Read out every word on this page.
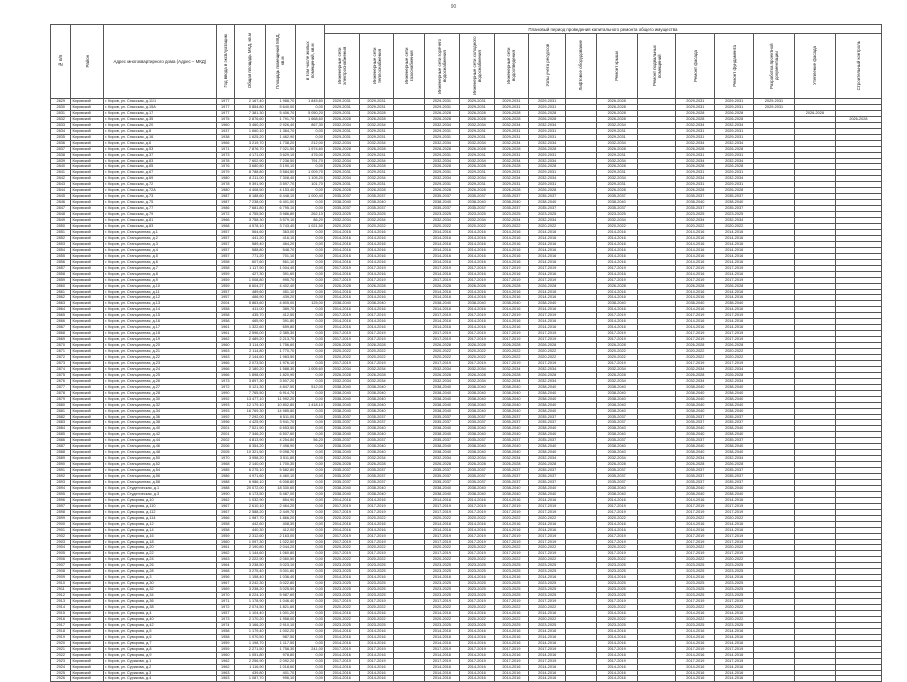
90
№ п/п	Район	Адрес многоквартирного дома (Адрес – МКД)	Год ввода в эксплуатацию	Общая площадь МКД, кв.м	Площадь помещений МКД, кв.м	в том числе жилых помещений, кв.м	Плановый период проведения капитального ремонта общего имущества														
							Инженерные сети электроснабжения	Инженерные сети теплоснабжения	Инженерные сети газоснабжения	Инженерные сети горячего водоснабжения	Инженерные сети холодного водоснабжения	Инженерные сети водоотведения	Узлы учета ресурсов	Лифтовое оборудование	Ремонт крыши	Ремонт подвальных помещений	Ремонт фасада	Ремонт фундамента	Разработка проектной документации	Утепление фасада	Строительный контроль
2829	Кировский	г. Киров, ул. Спасская, д.11/1	1977	2 167,40	1 988,70	1 845,60	2029-2031	2029-2031		2029-2031	2029-2031	2029-2031	2029-2031		2026-2028		2029-2031	2029-2031	2029-2031		
2830	Кировский	г. Киров, ул. Спасская, д.15А	1977	5 854,80	5 640,00	0,00	2029-2031	2029-2031		2029-2031	2029-2031	2029-2031	2029-2031		2026-2028		2029-2031	2029-2031	2029-2031		
2831	Кировский	г. Киров, ул. Спасская, д.17	1977	7 381,30	5 406,70	5 050,20	2029-2031	2026-2028		2026-2028	2026-2028	2026-2028	2026-2028		2026-2028		2026-2028	2026-2028		2026-2028	
2832	Кировский	г. Киров, ул. Спасская, д.35	1975	2 876,60	1 791,70	1 668,60	2026-2028	2026-2028		2026-2028	2026-2028	2026-2028	2026-2028		2026-2028		2026-2028	2026-2028			2026-2028
2833	Кировский	г. Киров, ул. Спасская, д.20	1960	3 460,20	2 926,40	867,30	2032-2034	2032-2034		2032-2034	2032-2034	2032-2034	2032-2034		2032-2034		2032-2034	2032-2034			
2834	Кировский	г. Киров, ул. Спасская, д.8	1937	1 660,10	1 384,70	0,00	2029-2031	2029-2031		2029-2031	2029-2031	2029-2031	2029-2031		2029-2031		2029-2031	2029-2031			
2835	Кировский	г. Киров, ул. Спасская, д.16	1938	1 625,20	1 462,90	0,00	2029-2031	2029-2031		2029-2031	2029-2031	2029-2031	2029-2031		2029-2031		2029-2031	2029-2031			
2836	Кировский	г. Киров, ул. Спасская, д.6	1966	3 219,70	1 738,20	212,00	2032-2034	2032-2034		2032-2034	2032-2034	2032-2034	2032-2034		2032-2034		2032-2034	2032-2034			
2837	Кировский	г. Киров, ул. Спасская, д.53	1971	7 876,70	7 021,50	1 974,60	2026-2028	2026-2028		2026-2028	2026-2028	2026-2028	2026-2028		2026-2028		2026-2028	2026-2028			
2838	Кировский	г. Киров, ул. Спасская, д.37	1973	4 171,00	3 629,10	476,00	2029-2031	2029-2031		2029-2031	2029-2031	2029-2031	2029-2031		2029-2031		2029-2031	2029-2031			
2839	Кировский	г. Киров, ул. Спасская, д.63	1978	7 602,90	7 238,50	791,70	2032-2034	2032-2034		2032-2034	2032-2034	2032-2034	2032-2034		2032-2034		2032-2034	2032-2034			
2840	Кировский	г. Киров, ул. Спасская, д.65	1976	3 680,50	3 190,10	0,00	2026-2028	2026-2028		2026-2028	2026-2028	2026-2028	2026-2028		2026-2028		2026-2028	2026-2028			
2841	Кировский	г. Киров, ул. Спасская, д.67	1979	8 788,80	3 584,50	1 009,70	2029-2031	2029-2031		2029-2031	2029-2031	2029-2031	2029-2031		2029-2031		2029-2031	2029-2031			
2842	Кировский	г. Киров, ул. Спасская, д.69	1980	8 211,00	7 308,40	1 105,20	2032-2034	2032-2034		2032-2034	2032-2034	2032-2034	2032-2034		2032-2034		2032-2034	2032-2034			
2843	Кировский	г. Киров, ул. Спасская, д.72	1978	9 391,90	3 597,70	101,70	2029-2031	2029-2031		2029-2031	2029-2031	2029-2031	2029-2031		2029-2031		2029-2031	2029-2031			
2844	Кировский	г. Киров, ул. Спасская, д.72А	1980	4 408,50	4 153,40	0,00	2026-2028	2026-2028		2026-2028	2026-2028	2026-2028	2026-2028		2026-2028		2026-2028	2026-2028			
2845	Кировский	г. Киров, ул. Спасская, д.73	1987	8 188,60	6 448,10	1 000,40	2035-2037	2035-2037		2035-2037	2035-2037	2035-2037	2035-2037		2035-2037		2035-2037	2035-2037			
2846	Кировский	г. Киров, ул. Спасская, д.75	1987	7 238,00	6 401,00	0,00	2038-2040	2038-2040		2038-2040	2038-2040	2038-2040	2038-2040		2038-2040		2038-2040	2038-2040			
2847	Кировский	г. Киров, ул. Спасская, д.77	1986	7 681,80	6 795,10	0,00	2035-2037	2035-2037		2035-2037	2035-2037	2035-2037	2035-2037		2035-2037		2035-2037	2035-2037			
2848	Кировский	г. Киров, ул. Спасская, д.79	1972	4 755,50	3 986,80	262,10	2023-2025	2023-2025		2023-2025	2023-2025	2023-2025	2023-2025		2023-2025		2023-2025	2023-2025			
2849	Кировский	г. Киров, ул. Спасская, д.81	1966	3 758,30	3 579,10	86,20	2032-2034	2032-2034		2032-2034	2032-2034	2032-2034	2032-2034		2032-2034		2032-2034	2032-2034			
2850	Кировский	г. Киров, ул. Спасская, д.83	1968	4 578,10	3 743,40	1 021,50	2020-2022	2020-2022		2020-2022	2020-2022	2020-2022	2020-2022		2020-2022		2020-2022	2020-2022			
2851	Кировский	г. Киров, ул. Станционная, д.1	1957	564,60	363,00	0,00	2014-2016	2014-2016		2014-2016	2014-2016	2014-2016	2014-2016		2014-2016		2014-2016	2014-2016			
2852	Кировский	г. Киров, ул. Станционная, д.2	1957	441,20	416,10	0,00	2014-2016	2014-2016		2014-2016	2014-2016	2014-2016	2014-2016		2014-2016		2014-2016	2014-2016			
2853	Кировский	г. Киров, ул. Станционная, д.3	1957	589,40	464,20	0,00	2014-2016	2014-2016		2014-2016	2014-2016	2014-2016	2014-2016		2014-2016		2014-2016	2014-2016			
2854	Кировский	г. Киров, ул. Станционная, д.4	1957	588,80	548,70	0,00	2014-2016	2014-2016		2014-2016	2014-2016	2014-2016	2014-2016		2014-2016		2014-2016	2014-2016			
2855	Кировский	г. Киров, ул. Станционная, д.5	1957	771,20	701,10	0,00	2014-2016	2014-2016		2014-2016	2014-2016	2014-2016	2014-2016		2014-2016		2014-2016	2014-2016			
2856	Кировский	г. Киров, ул. Станционная, д.6	1958	607,60	561,10	0,00	2014-2016	2014-2016		2014-2016	2014-2016	2014-2016	2014-2016		2014-2016		2014-2016	2014-2016			
2857	Кировский	г. Киров, ул. Станционная, д.7	1958	1 117,90	1 004,40	0,00	2017-2019	2017-2019		2017-2019	2017-2019	2017-2019	2017-2019		2017-2019		2017-2019	2017-2019			
2858	Кировский	г. Киров, ул. Станционная, д.8	1959	427,30	391,60	0,00	2014-2016	2014-2016		2014-2016	2014-2016	2014-2016	2014-2016		2014-2016		2014-2016	2014-2016			
2859	Кировский	г. Киров, ул. Станционная, д.9	1959	1 008,80	995,70	0,00	2017-2019	2017-2019		2017-2019	2017-2019	2017-2019	2017-2019		2017-2019		2017-2019	2017-2019			
2860	Кировский	г. Киров, ул. Станционная, д.10	1959	6 604,27	4 402,40	0,00	2026-2028	2026-2028		2026-2028	2026-2028	2026-2028	2026-2028		2026-2028		2026-2028	2026-2028			
2861	Кировский	г. Киров, ул. Станционная, д.11	1957	489,60	451,10	0,00	2014-2016	2014-2016		2014-2016	2014-2016	2014-2016	2014-2016		2014-2016		2014-2016	2014-2016			
2862	Кировский	г. Киров, ул. Станционная, д.12	1957	466,90	439,20	0,00	2014-2016	2014-2016		2014-2016	2014-2016	2014-2016	2014-2016		2014-2016		2014-2016	2014-2016			
2863	Кировский	г. Киров, ул. Станционная, д.13	2004	5 863,60	4 805,00	125,00	2038-2040	2038-2040		2038-2040	2038-2040	2038-2040	2038-2040		2038-2040		2038-2040	2038-2040			
2864	Кировский	г. Киров, ул. Станционная, д.14	1958	411,00	389,70	0,00	2014-2016	2014-2016		2014-2016	2014-2016	2014-2016	2014-2016		2014-2016		2014-2016	2014-2016			
2865	Кировский	г. Киров, ул. Станционная, д.15	1958	435,70	412,50	0,00	2017-2019	2017-2019		2017-2019	2017-2019	2017-2019	2017-2019		2017-2019		2017-2019	2017-2019			
2866	Кировский	г. Киров, ул. Станционная, д.16	1958	465,90	391,80	0,00	2014-2016	2014-2016		2014-2016	2014-2016	2014-2016	2014-2016		2014-2016		2014-2016	2014-2016			
2867	Кировский	г. Киров, ул. Станционная, д.17	1961	1 322,60	659,80	0,00	2014-2016	2014-2016		2014-2016	2014-2016	2014-2016	2014-2016		2014-2016		2014-2016	2014-2016			
2868	Кировский	г. Киров, ул. Станционная, д.18	1961	2 596,00	2 385,30	0,00	2017-2019	2017-2019		2017-2019	2017-2019	2017-2019	2017-2019		2017-2019		2017-2019	2017-2019			
2869	Кировский	г. Киров, ул. Станционная, д.19	1962	2 489,20	2 213,70	0,00	2017-2019	2017-2019		2017-2019	2017-2019	2017-2019	2017-2019		2017-2019		2017-2019	2017-2019			
2870	Кировский	г. Киров, ул. Станционная, д.20	1960	3 114,00	1 756,60	0,00	2026-2028	2026-2028		2026-2028	2026-2028	2026-2028	2026-2028		2026-2028		2026-2028	2026-2028			
2871	Кировский	г. Киров, ул. Станционная, д.21	1963	2 114,80	1 770,70	0,00	2020-2022	2020-2022		2020-2022	2020-2022	2020-2022	2020-2022		2020-2022		2020-2022	2020-2022			
2872	Кировский	г. Киров, ул. Станционная, д.22	1963	2 144,60	1 983,50	0,00	2020-2022	2020-2022		2020-2022	2020-2022	2020-2022	2020-2022		2020-2022		2020-2022	2020-2022			
2873	Кировский	г. Киров, ул. Станционная, д.23	1966	2 073,50	1 976,10	0,00	2017-2019	2017-2019		2017-2019	2017-2019	2017-2019	2017-2019		2017-2019		2017-2019	2017-2019			
2874	Кировский	г. Киров, ул. Станционная, д.24	1966	2 180,20	1 588,30	1 005,60	2032-2034	2032-2034		2032-2034	2032-2034	2032-2034	2032-2034		2032-2034		2032-2034	2032-2034			
2875	Кировский	г. Киров, ул. Станционная, д.25	1966	1 898,00	1 820,90	0,00	2026-2028	2026-2028		2026-2028	2026-2028	2026-2028	2026-2028		2026-2028		2026-2028	2026-2028			
2876	Кировский	г. Киров, ул. Станционная, д.26	1973	3 897,30	3 507,20	0,00	2032-2034	2032-2034		2032-2034	2032-2034	2032-2034	2032-2034		2032-2034		2032-2034	2032-2034			
2877	Кировский	г. Киров, ул. Станционная, д.27	1972	5 121,30	4 847,50	512,00	2038-2040	2038-2040		2038-2040	2038-2040	2038-2040	2038-2040		2038-2040		2038-2040	2038-2040			
2878	Кировский	г. Киров, ул. Станционная, д.28	1990	7 765,50	6 914,70	0,00	2038-2040	2038-2040		2038-2040	2038-2040	2038-2040	2038-2040		2038-2040		2038-2040	2038-2040			
2879	Кировский	г. Киров, ул. Станционная, д.30	1992	13 477,10	11 992,20	0,00	2038-2040	2038-2040		2038-2040	2038-2040	2038-2040	2038-2040		2038-2040		2038-2040	2038-2040			
2880	Кировский	г. Киров, ул. Станционная, д.32	1993	12 179,10	10 802,80	1 418,10	2038-2040	2038-2040		2038-2040	2038-2040	2038-2040	2038-2040		2038-2040		2038-2040	2038-2040			
2881	Кировский	г. Киров, ул. Станционная, д.34	1993	16 769,30	14 985,80	0,00	2038-2040	2038-2040		2038-2040	2038-2040	2038-2040	2038-2040		2038-2040		2038-2040	2038-2040			
2882	Кировский	г. Киров, ул. Станционная, д.36	1992	7 292,00	6 511,00	0,00	2035-2037	2035-2037		2035-2037	2035-2037	2035-2037	2035-2037		2035-2037		2035-2037	2035-2037			
2883	Кировский	г. Киров, ул. Станционная, д.38	1996	4 425,90	3 941,70	0,00	2035-2037	2035-2037		2035-2037	2035-2037	2035-2037	2035-2037		2035-2037		2035-2037	2035-2037			
2884	Кировский	г. Киров, ул. Станционная, д.40	2001	7 521,90	6 653,50	0,00	2038-2040	2038-2040		2038-2040	2038-2040	2038-2040	2038-2040		2038-2040		2038-2040	2038-2040			
2885	Кировский	г. Киров, ул. Станционная, д.42	2001	7 346,20	6 507,60	0,00	2038-2040	2038-2040		2038-2040	2038-2040	2038-2040	2038-2040		2038-2040		2038-2040	2038-2040			
2886	Кировский	г. Киров, ул. Станционная, д.44	2002	4 813,90	4 254,80	56,20	2035-2037	2035-2037		2035-2037	2035-2037	2035-2037	2035-2037		2035-2037		2035-2037	2035-2037			
2887	Кировский	г. Киров, ул. Станционная, д.46	2006	8 354,20	7 498,90	0,00	2038-2040	2038-2040		2038-2040	2038-2040	2038-2040	2038-2040		2038-2040		2038-2040	2038-2040			
2888	Кировский	г. Киров, ул. Станционная, д.48	2005	10 321,50	9 098,70	0,00	2038-2040	2038-2040		2038-2040	2038-2040	2038-2040	2038-2040		2038-2040		2038-2040	2038-2040			
2889	Кировский	г. Киров, ул. Станционная, д.50	1970	3 958,20	3 511,80	0,00	2032-2034	2032-2034		2032-2034	2032-2034	2032-2034	2032-2034		2032-2034		2032-2034	2032-2034			
2890	Кировский	г. Киров, ул. Станционная, д.52	1968	2 140,00	1 700,30	0,00	2026-2028	2026-2028		2026-2028	2026-2028	2026-2028	2026-2028		2026-2028		2026-2028	2026-2028			
2891	Кировский	г. Киров, ул. Станционная, д.54	1985	6 275,10	5 582,80	0,00	2035-2037	2035-2037		2035-2037	2035-2037	2035-2037	2035-2037		2035-2037		2035-2037	2035-2037			
2892	Кировский	г. Киров, ул. Станционная, д.56	1986	4 971,60	4 460,10	0,00	2035-2037	2035-2037		2035-2037	2035-2037	2035-2037	2035-2037		2035-2037		2035-2037	2035-2037			
2893	Кировский	г. Киров, ул. Станционная, д.58	1988	6 986,10	6 008,80	0,00	2035-2037	2035-2037		2035-2037	2035-2037	2035-2037	2035-2037		2035-2037		2035-2037	2035-2037			
2894	Кировский	г. Киров, ул. Студенческая, д.1	1988	20 072,00	18 330,60	0,00	2038-2040	2038-2040		2038-2040	2038-2040	2038-2040	2038-2040		2038-2040		2038-2040	2038-2040			
2895	Кировский	г. Киров, ул. Студенческая, д.3	1990	6 173,50	5 487,00	0,00	2038-2040	2038-2040		2038-2040	2038-2040	2038-2040	2038-2040		2038-2040		2038-2040	2038-2040			
2896	Кировский	г. Киров, ул. Суворова, д.10	1962	1 032,90	854,90	0,00	2014-2016	2014-2016		2014-2016	2014-2016	2014-2016	2014-2016		2014-2016		2014-2016	2014-2016			
2897	Кировский	г. Киров, ул. Суворова, д.110	1967	2 610,10	2 464,20	0,00	2017-2019	2017-2019		2017-2019	2017-2019	2017-2019	2017-2019		2017-2019		2017-2019	2017-2019			
2898	Кировский	г. Киров, ул. Суворова, д.112	1967	2 588,20	2 449,70	0,00	2017-2019	2017-2019		2017-2019	2017-2019	2017-2019	2017-2019		2017-2019		2017-2019	2017-2019			
2899	Кировский	г. Киров, ул. Суворова, д.114	1966	1 987,70	1 866,20	0,00	2020-2022	2020-2022		2020-2022	2020-2022	2020-2022	2020-2022		2020-2022		2020-2022	2020-2022			
2900	Кировский	г. Киров, ул. Суворова, д.12	1958	442,60	408,30	0,00	2014-2016	2014-2016		2014-2016	2014-2016	2014-2016	2014-2016		2014-2016		2014-2016	2014-2016			
2901	Кировский	г. Киров, ул. Суворова, д.14	1958	440,30	412,00	0,00	2014-2016	2014-2016		2014-2016	2014-2016	2014-2016	2014-2016		2014-2016		2014-2016	2014-2016			
2902	Кировский	г. Киров, ул. Суворова, д.16	1959	2 312,60	2 163,00	0,00	2017-2019	2017-2019		2017-2019	2017-2019	2017-2019	2017-2019		2017-2019		2017-2019	2017-2019			
2903	Кировский	г. Киров, ул. Суворова, д.18	1960	1 097,30	1 022,50	0,00	2017-2019	2017-2019		2017-2019	2017-2019	2017-2019	2017-2019		2017-2019		2017-2019	2017-2019			
2904	Кировский	г. Киров, ул. Суворова, д.20	1961	2 190,80	2 044,20	0,00	2020-2022	2020-2022		2020-2022	2020-2022	2020-2022	2020-2022		2020-2022		2020-2022	2020-2022			
2905	Кировский	г. Киров, ул. Суворова, д.22	1962	1 144,60	1 060,80	0,00	2017-2019	2017-2019		2017-2019	2017-2019	2017-2019	2017-2019		2017-2019		2017-2019	2017-2019			
2906	Кировский	г. Киров, ул. Суворова, д.24	1963	2 222,90	2 060,50	0,00	2020-2022	2020-2022		2020-2022	2020-2022	2020-2022	2020-2022		2020-2022		2020-2022	2020-2022			
2907	Кировский	г. Киров, ул. Суворова, д.26	1964	3 238,50	3 023,10	0,00	2023-2025	2023-2025		2023-2025	2023-2025	2023-2025	2023-2025		2023-2025		2023-2025	2023-2025			
2908	Кировский	г. Киров, ул. Суворова, д.28	1968	3 275,40	3 001,80	0,00	2023-2025	2023-2025		2023-2025	2023-2025	2023-2025	2023-2025		2023-2025		2023-2025	2023-2025			
2909	Кировский	г. Киров, ул. Суворова, д.3	1956	1 158,40	1 036,40	0,00	2014-2016	2014-2016		2014-2016	2014-2016	2014-2016	2014-2016		2014-2016		2014-2016	2014-2016			
2910	Кировский	г. Киров, ул. Суворова, д.30	1967	3 242,30	3 022,80	0,00	2023-2025	2023-2025		2023-2025	2023-2025	2023-2025	2023-2025		2023-2025		2023-2025	2023-2025			
2911	Кировский	г. Киров, ул. Суворова, д.32	1969	3 238,20	3 025,50	0,00	2023-2025	2023-2025		2023-2025	2023-2025	2023-2025	2023-2025		2023-2025		2023-2025	2023-2025			
2912	Кировский	г. Киров, ул. Суворова, д.34	1970	8 224,10	5 987,60	0,00	2023-2025	2023-2025		2023-2025	2023-2025	2023-2025	2023-2025		2023-2025		2023-2025	2023-2025			
2913	Кировский	г. Киров, ул. Суворова, д.36	1971	1 178,90	1 046,40	0,00	2017-2019	2017-2019		2017-2019	2017-2019	2017-2019	2017-2019		2017-2019		2017-2019	2017-2019			
2914	Кировский	г. Киров, ул. Суворова, д.38	1972	2 074,50	1 821,60	0,00	2020-2022	2020-2022		2020-2022	2020-2022	2020-2022	2020-2022		2020-2022		2020-2022	2020-2022			
2915	Кировский	г. Киров, ул. Суворова, д.4	1957	1 104,40	1 001,20	0,00	2014-2016	2014-2016		2014-2016	2014-2016	2014-2016	2014-2016		2014-2016		2014-2016	2014-2016			
2916	Кировский	г. Киров, ул. Суворова, д.40	1973	2 170,20	1 958,00	0,00	2020-2022	2020-2022		2020-2022	2020-2022	2020-2022	2020-2022		2020-2022		2020-2022	2020-2022			
2917	Кировский	г. Киров, ул. Суворова, д.42	1974	3 166,20	2 910,10	0,00	2023-2025	2023-2025		2023-2025	2023-2025	2023-2025	2023-2025		2023-2025		2023-2025	2023-2025			
2918	Кировский	г. Киров, ул. Суворова, д.5	1958	1 179,40	1 002,20	0,00	2014-2016	2014-2016		2014-2016	2014-2016	2014-2016	2014-2016		2014-2016		2014-2016	2014-2016			
2919	Кировский	г. Киров, ул. Суворова, д.6	1958	1 070,50	987,50	0,00	2014-2016	2014-2016		2014-2016	2014-2016	2014-2016	2014-2016		2014-2016		2014-2016	2014-2016			
2920	Кировский	г. Киров, ул. Суворова, д.7	1959	1 198,70	1 117,50	0,00	2014-2016	2014-2016		2014-2016	2014-2016	2014-2016	2014-2016		2014-2016		2014-2016	2014-2016			
2921	Кировский	г. Киров, ул. Суворова, д.8	1959	2 271,50	1 758,30	241,00	2017-2019	2017-2019		2017-2019	2017-2019	2017-2019	2017-2019		2017-2019		2017-2019	2017-2019			
2922	Кировский	г. Киров, ул. Суворова, д.9	1960	1 051,80	978,80	0,00	2014-2016	2014-2016		2014-2016	2014-2016	2014-2016	2014-2016		2014-2016		2014-2016	2014-2016			
2923	Кировский	г. Киров, ул. Сурикова, д.1	1962	2 256,90	2 092,20	0,00	2017-2019	2017-2019		2017-2019	2017-2019	2017-2019	2017-2019		2017-2019		2017-2019	2017-2019			
2924	Кировский	г. Киров, ул. Сурикова, д.2	1962	1 116,90	1 018,60	0,00	2014-2016	2014-2016		2014-2016	2014-2016	2014-2016	2014-2016		2014-2016		2014-2016	2014-2016			
2925	Кировский	г. Киров, ул. Сурикова, д.3	1963	439,80	401,70	0,00	2014-2016	2014-2016		2014-2016	2014-2016	2014-2016	2014-2016		2014-2016		2014-2016	2014-2016			
2926	Кировский	г. Киров, ул. Сурикова, д.4	1963	1 087,70	996,10	0,00	2014-2016	2014-2016		2014-2016	2014-2016	2014-2016	2014-2016		2014-2016		2014-2016	2014-2016			
